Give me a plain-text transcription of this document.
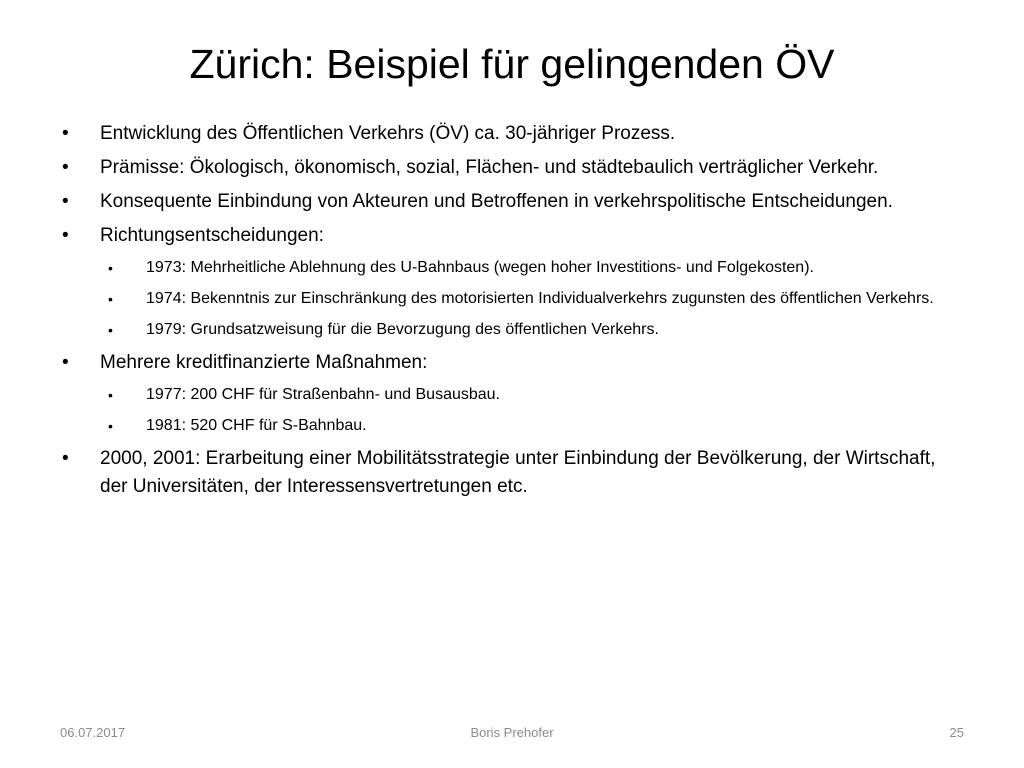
Zürich: Beispiel für gelingenden ÖV
• Entwicklung des Öffentlichen Verkehrs (ÖV) ca. 30-jähriger Prozess.
• Prämisse: Ökologisch, ökonomisch, sozial, Flächen- und städtebaulich verträglicher Verkehr.
• Konsequente Einbindung von Akteuren und Betroffenen in verkehrspolitische Entscheidungen.
• Richtungsentscheidungen:
• 1973: Mehrheitliche Ablehnung des U-Bahnbaus (wegen hoher Investitions- und Folgekosten).
• 1974: Bekenntnis zur Einschränkung des motorisierten Individualverkehrs zugunsten des öffentlichen Verkehrs.
• 1979: Grundsatzweisung für die Bevorzugung des öffentlichen Verkehrs.
• Mehrere kreditfinanzierte Maßnahmen:
• 1977: 200 CHF für Straßenbahn- und Busausbau.
• 1981: 520 CHF für S-Bahnbau.
• 2000, 2001: Erarbeitung einer Mobilitätsstrategie unter Einbindung der Bevölkerung, der Wirtschaft, der Universitäten, der Interessensvertretungen etc.
06.07.2017	Boris Prehofer	25
